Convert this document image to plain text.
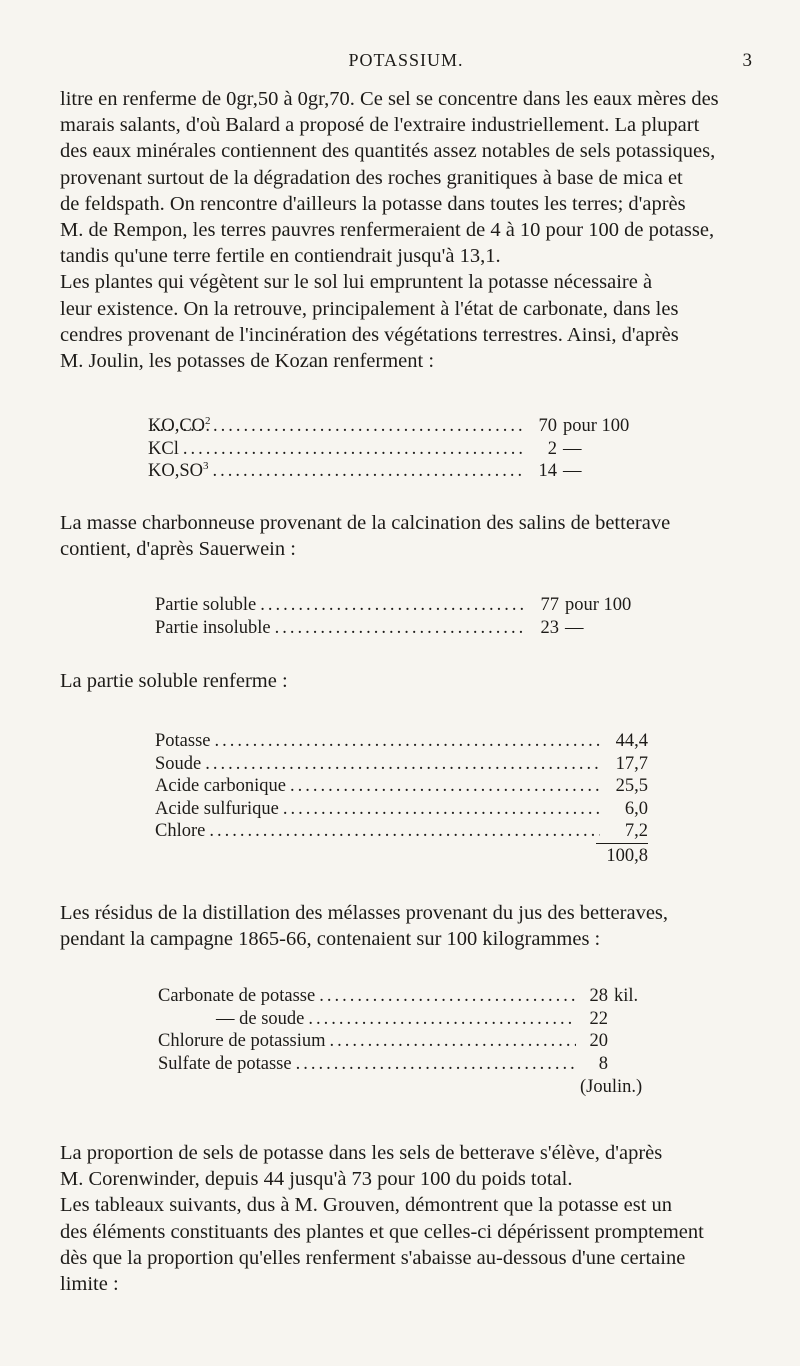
POTASSIUM.	3

litre en renferme de 0gr,50 à 0gr,70. Ce sel se concentre dans les eaux mères des

marais salants, d'où Balard a proposé de l'extraire industriellement. La plupart

des eaux minérales contiennent des quantités assez notables de sels potassiques,

provenant surtout de la dégradation des roches granitiques à base de mica et

de feldspath. On rencontre d'ailleurs la potasse dans toutes les terres; d'après

M. de Rempon, les terres pauvres renfermeraient de 4 à 10 pour 100 de potasse,

tandis qu'une terre fertile en contiendrait jusqu'à 13,1.

Les plantes qui végètent sur le sol lui empruntent la potasse nécessaire à

leur existence. On la retrouve, principalement à l'état de carbonate, dans les

cendres provenant de l'incinération des végétations terrestres. Ainsi, d'après

M. Joulin, les potasses de Kozan renferment :

$KO,CO^2$ .....	70 pour 100
KCl .....	2 —
$KO,SO^3$ .....	14 —

La masse charbonneuse provenant de la calcination des salins de betterave

contient, d'après Sauerwein :

Partie soluble .....	77 pour 100
Partie insoluble .....	23 —

La partie soluble renferme :

Potasse .....	44,4
Soude .....	17,7
Acide carbonique .....	25,5
Acide sulfurique .....	6,0
Chlore .....	7,2
100,8

Les résidus de la distillation des mélasses provenant du jus des betteraves,

pendant la campagne 1865-66, contenaient sur 100 kilogrammes :

Carbonate de potasse .....	28 kil.
— de soude .....	22
Chlorure de potassium .....	20
Sulfate de potasse .....	8
(Joulin.)

La proportion de sels de potasse dans les sels de betterave s'élève, d'après

M. Corenwinder, depuis 44 jusqu'à 73 pour 100 du poids total.

Les tableaux suivants, dus à M. Grouven, démontrent que la potasse est un

des éléments constituants des plantes et que celles-ci dépérissent promptement

dès que la proportion qu'elles renferment s'abaisse au-dessous d'une certaine

limite :
